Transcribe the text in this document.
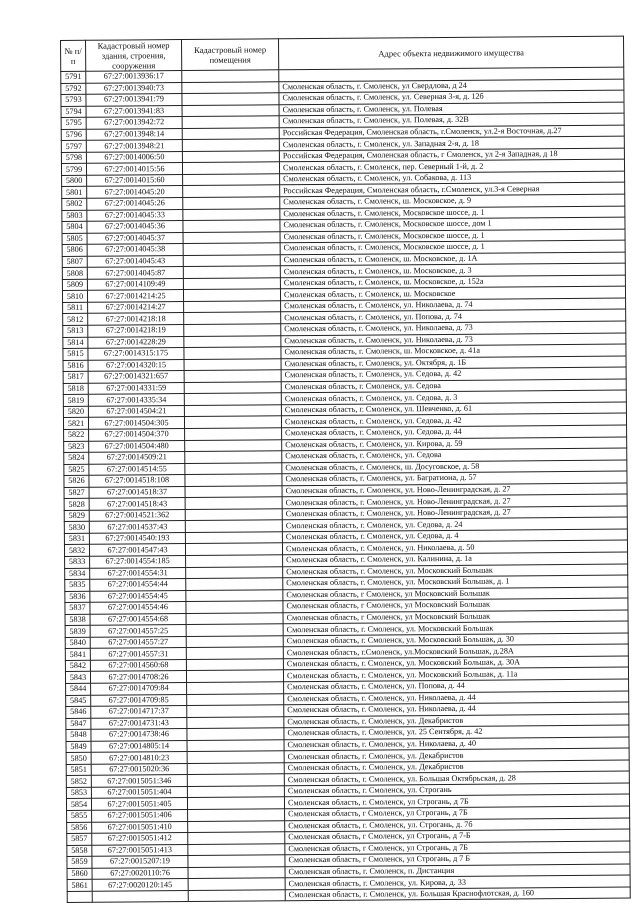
№ п/п	Кадастровый номер здания, строения, сооружения	Кадастровый номер помещения	Адрес объекта недвижимого имущества
5791	67:27:0013936:17		
5792	67:27:0013940:73		Смоленская область, г. Смоленск, ул Свердлова, д 24
5793	67:27:0013941:79		Смоленская область, г. Смоленск, ул. Северная 3-я, д. 12б
5794	67:27:0013941:83		Смоленская область, г. Смоленск, ул. Полевая
5795	67:27:0013942:72		Смоленская область, г. Смоленск, ул. Полевая, д. 32В
5796	67:27:0013948:14		Российская Федерация, Смоленская область, г.Смоленск, ул.2-я Восточная, д.27
5797	67:27:0013948:21		Смоленская область, г. Смоленск, ул. Западная 2-я, д. 18
5798	67:27:0014006:50		Российская Федерация, Смоленская область, г Смоленск, ул 2-я Западная, д 18
5799	67:27:0014015:56		Смоленская область, г. Смоленск, пер. Северный 1-й, д. 2
5800	67:27:0014015:60		Смоленская область, г. Смоленск, ул. Собакова, д. 113
5801	67:27:0014045:20		Российская Федерация, Смоленская область, г.Смоленск, ул.3-я Северная
5802	67:27:0014045:26		Смоленская область, г. Смоленск, ш. Московское, д. 9
5803	67:27:0014045:33		Смоленская область, г. Смоленск, Московское шоссе, д. 1
5804	67:27:0014045:36		Смоленская область, г. Смоленск, Московское шоссе, дом 1
5805	67:27:0014045:37		Смоленская область, г. Смоленск, Московское шоссе, д. 1
5806	67:27:0014045:38		Смоленская область, г. Смоленск, Московское шоссе, д. 1
5807	67:27:0014045:43		Смоленская область, г. Смоленск, ш. Московское, д. 1А
5808	67:27:0014045:87		Смоленская область, г. Смоленск, ш. Московское, д. 3
5809	67:27:0014109:49		Смоленская область, г. Смоленск, ш. Московское, д. 152а
5810	67:27:0014214:25		Смоленская область, г. Смоленск, ш. Московское
5811	67:27:0014214:27		Смоленская область, г. Смоленск, ул. Николаева, д. 74
5812	67:27:0014218:18		Смоленская область, г. Смоленск, ул. Попова, д. 74
5813	67:27:0014218:19		Смоленская область, г. Смоленск, ул. Николаева, д. 73
5814	67:27:0014228:29		Смоленская область, г. Смоленск, ул. Николаева, д. 73
5815	67:27:0014315:175		Смоленская область, г. Смоленск, ш. Московское, д. 41а
5816	67:27:0014320:15		Смоленская область, г. Смоленск, ул. Октября, д. 1Б
5817	67:27:0014321:657		Смоленская область, г. Смоленск, ул. Седова, д. 42
5818	67:27:0014331:59		Смоленская область, г. Смоленск, ул. Седова
5819	67:27:0014335:34		Смоленская область, г. Смоленск, ул. Седова, д. 3
5820	67:27:0014504:21		Смоленская область, г. Смоленск, ул. Шевченко, д. 61
5821	67:27:0014504:305		Смоленская область, г. Смоленск, ул. Седова, д. 42
5822	67:27:0014504:370		Смоленская область, г. Смоленск, ул. Седова, д. 44
5823	67:27:0014504:480		Смоленская область, г. Смоленск, ул. Кирова, д. 59
5824	67:27:0014509:21		Смоленская область, г. Смоленск, ул. Седова
5825	67:27:0014514:55		Смоленская область, г. Смоленск, ш. Досуговское, д. 58
5826	67:27:0014518:108		Смоленская область, г. Смоленск, ул. Багратиона, д. 57
5827	67:27:0014518:37		Смоленская область, г. Смоленск, ул. Ново-Ленинградская, д. 27
5828	67:27:0014518:43		Смоленская область, г. Смоленск, ул. Ново-Ленинградская, д. 27
5829	67:27:0014521:362		Смоленская область, г. Смоленск, ул. Ново-Ленинградская, д. 27
5830	67:27:0014537:43		Смоленская область, г. Смоленск, ул. Седова, д. 24
5831	67:27:0014540:193		Смоленская область, г. Смоленск, ул. Седова, д. 4
5832	67:27:0014547:43		Смоленская область, г. Смоленск, ул. Николаева, д. 50
5833	67:27:0014554:185		Смоленская область, г. Смоленск, ул. Калинина, д. 1а
5834	67:27:0014554:31		Смоленская область, г. Смоленск, ул. Московский Большак
5835	67:27:0014554:44		Смоленская область, г. Смоленск, ул. Московский Большак, д. 1
5836	67:27:0014554:45		Смоленская область, г Смоленск, ул Московский Большак
5837	67:27:0014554:46		Смоленская область, г Смоленск, ул Московский Большак
5838	67:27:0014554:68		Смоленская область, г Смоленск, ул Московский Большак
5839	67:27:0014557:25		Смоленская область, г. Смоленск, ул. Московский Большак
5840	67:27:0014557:27		Смоленская область, г. Смоленск, ул. Московский Большак, д. 30
5841	67:27:0014557:31		Смоленская область, г.Смоленск, ул.Московский Большак, д.28А
5842	67:27:0014560:68		Смоленская область, г. Смоленск, ул. Московский Большак, д. 30А
5843	67:27:0014708:26		Смоленская область, г. Смоленск, ул. Московский Большак, д. 11а
5844	67:27:0014709:84		Смоленская область, г. Смоленск, ул. Попова, д. 44
5845	67:27:0014709:85		Смоленская область, г. Смоленск, ул. Николаева, д. 44
5846	67:27:0014717:37		Смоленская область, г. Смоленск, ул. Николаева, д. 44
5847	67:27:0014731:43		Смоленская область, г. Смоленск, ул. Декабристов
5848	67:27:0014738:46		Смоленская область, г. Смоленск, ул. 25 Сентября, д. 42
5849	67:27:0014805:14		Смоленская область, г. Смоленск, ул. Николаева, д. 40
5850	67:27:0014810:23		Смоленская область, г. Смоленск, ул. Декабристов
5851	67:27:0015020:36		Смоленская область, г. Смоленск, ул. Декабристов
5852	67:27:0015051:346		Смоленская область, г. Смоленск, ул. Большая Октябрьская, д. 28
5853	67:27:0015051:404		Смоленская область, г. Смоленск, ул. Строгань
5854	67:27:0015051:405		Смоленская область, г. Смоленск, ул Строгань, д 7Б
5855	67:27:0015051:406		Смоленская область, г Смоленск, ул Строгань, д 7Б
5856	67:27:0015051:410		Смоленская область, г. Смоленск, ул. Строгань, д. 7б
5857	67:27:0015051:412		Смоленская область, г Смоленск, ул Строгань, д 7-Б
5858	67:27:0015051:413		Смоленская область, г Смоленск, ул Строгань, д 7Б
5859	67:27:0015207:19		Смоленская область, г Смоленск, ул Строгань, д 7 Б
5860	67:27:0020110:76		Смоленская область, г. Смоленск, п. Дистанция
5861	67:27:0020120:145		Смоленская область, г. Смоленск, ул. Кирова, д. 33
			Смоленская область, г. Смоленск, ул. Большая Краснофлотская, д. 160
